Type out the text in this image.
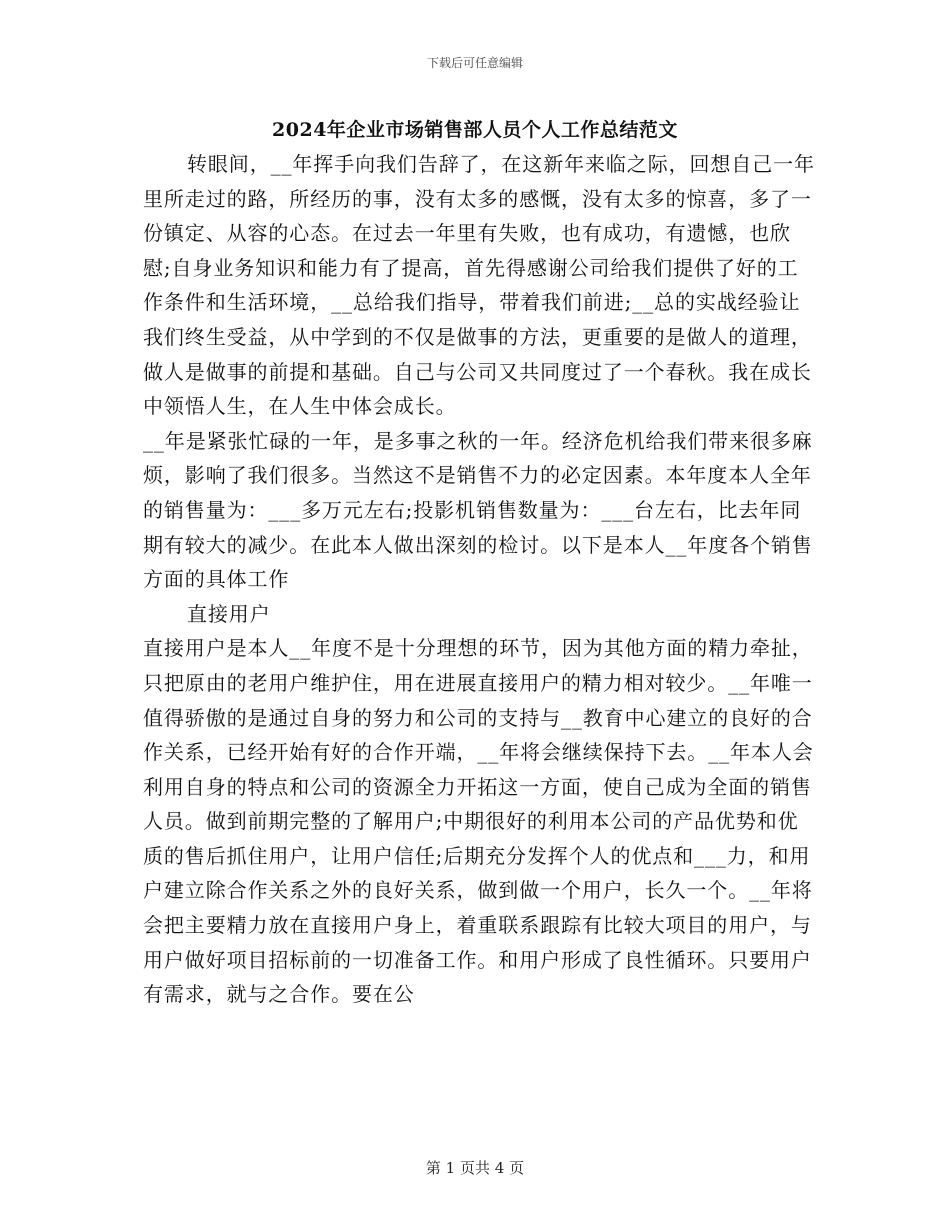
下载后可任意编辑
2024年企业市场销售部人员个人工作总结范文

转眼间，__年挥手向我们告辞了，在这新年来临之际，回想自己一年里所走过的路，所经历的事，没有太多的感慨，没有太多的惊喜，多了一份镇定、从容的心态。在过去一年里有失败，也有成功，有遗憾，也欣慰;自身业务知识和能力有了提高，首先得感谢公司给我们提供了好的工作条件和生活环境，__总给我们指导，带着我们前进;__总的实战经验让我们终生受益，从中学到的不仅是做事的方法，更重要的是做人的道理，做人是做事的前提和基础。自己与公司又共同度过了一个春秋。我在成长中领悟人生，在人生中体会成长。

__年是紧张忙碌的一年，是多事之秋的一年。经济危机给我们带来很多麻烦，影响了我们很多。当然这不是销售不力的必定因素。本年度本人全年的销售量为：___多万元左右;投影机销售数量为：___台左右，比去年同期有较大的减少。在此本人做出深刻的检讨。以下是本人__年度各个销售方面的具体工作

直接用户

直接用户是本人__年度不是十分理想的环节，因为其他方面的精力牵扯，只把原由的老用户维护住，用在进展直接用户的精力相对较少。__年唯一值得骄傲的是通过自身的努力和公司的支持与__教育中心建立的良好的合作关系，已经开始有好的合作开端，__年将会继续保持下去。__年本人会利用自身的特点和公司的资源全力开拓这一方面，使自己成为全面的销售人员。做到前期完整的了解用户;中期很好的利用本公司的产品优势和优质的售后抓住用户，让用户信任;后期充分发挥个人的优点和___力，和用户建立除合作关系之外的良好关系，做到做一个用户，长久一个。__年将会把主要精力放在直接用户身上，着重联系跟踪有比较大项目的用户，与用户做好项目招标前的一切准备工作。和用户形成了良性循环。只要用户有需求，就与之合作。要在公

第 1 页共 4 页
